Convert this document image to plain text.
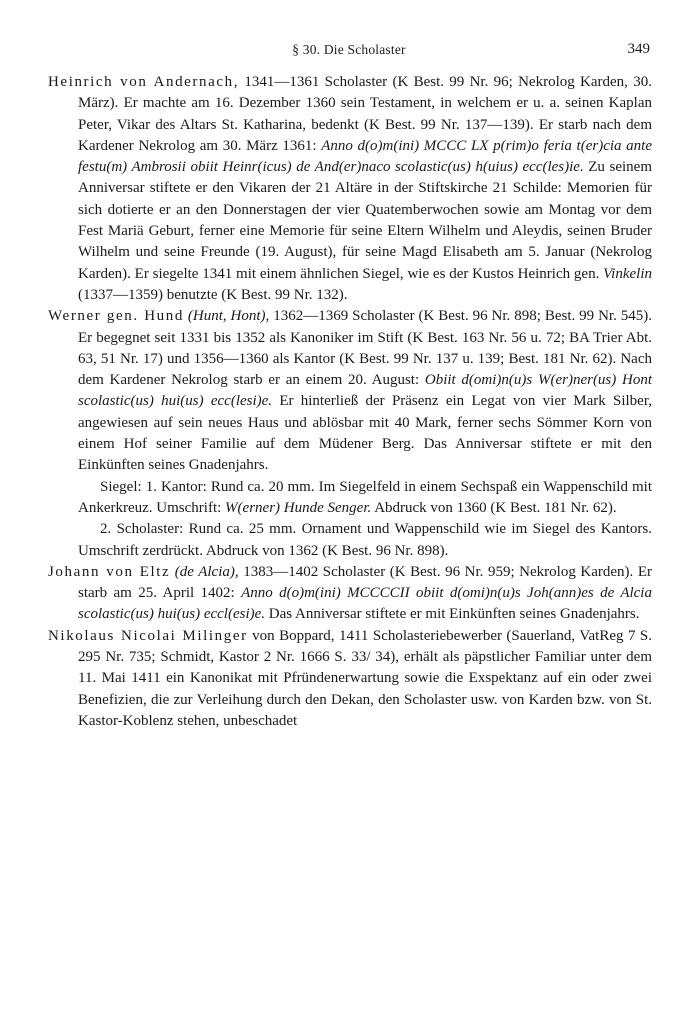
§ 30. Die Scholaster	349

Heinrich von Andernach, 1341—1361 Scholaster (K Best. 99 Nr. 96; Nekrolog Karden, 30. März). Er machte am 16. Dezember 1360 sein Testament, in welchem er u. a. seinen Kaplan Peter, Vikar des Altars St. Katharina, bedenkt (K Best. 99 Nr. 137—139). Er starb nach dem Kardener Nekrolog am 30. März 1361: Anno d(o)m(ini) MCCC LX p(rim)o feria t(er)cia ante festu(m) Ambrosii obiit Heinr(icus) de And(er)naco scolastic(us) h(uius) ecc(les)ie. Zu seinem Anniversar stiftete er den Vikaren der 21 Altäre in der Stiftskirche 21 Schilde: Memorien für sich dotierte er an den Donnerstagen der vier Quatemberwochen sowie am Montag vor dem Fest Mariä Geburt, ferner eine Memorie für seine Eltern Wilhelm und Aleydis, seinen Bruder Wilhelm und seine Freunde (19. August), für seine Magd Elisabeth am 5. Januar (Nekrolog Karden). Er siegelte 1341 mit einem ähnlichen Siegel, wie es der Kustos Heinrich gen. Vinkelin (1337—1359) benutzte (K Best. 99 Nr. 132).

Werner gen. Hund (Hunt, Hont), 1362—1369 Scholaster (K Best. 96 Nr. 898; Best. 99 Nr. 545). Er begegnet seit 1331 bis 1352 als Kanoniker im Stift (K Best. 163 Nr. 56 u. 72; BA Trier Abt. 63, 51 Nr. 17) und 1356—1360 als Kantor (K Best. 99 Nr. 137 u. 139; Best. 181 Nr. 62). Nach dem Kardener Nekrolog starb er an einem 20. August: Obiit d(omi)n(u)s W(er)ner(us) Hont scolastic(us) hui(us) ecc(lesi)e. Er hinterließ der Präsenz ein Legat von vier Mark Silber, angewiesen auf sein neues Haus und ablösbar mit 40 Mark, ferner sechs Sömmer Korn von einem Hof seiner Familie auf dem Müdener Berg. Das Anniversar stiftete er mit den Einkünften seines Gnadenjahrs.

Siegel: 1. Kantor: Rund ca. 20 mm. Im Siegelfeld in einem Sechspaß ein Wappenschild mit Ankerkreuz. Umschrift: W(erner) Hunde Senger. Abdruck von 1360 (K Best. 181 Nr. 62).

2. Scholaster: Rund ca. 25 mm. Ornament und Wappenschild wie im Siegel des Kantors. Umschrift zerdrückt. Abdruck von 1362 (K Best. 96 Nr. 898).

Johann von Eltz (de Alcia), 1383—1402 Scholaster (K Best. 96 Nr. 959; Nekrolog Karden). Er starb am 25. April 1402: Anno d(o)m(ini) MCCCCII obiit d(omi)n(u)s Joh(ann)es de Alcia scolastic(us) hui(us) eccl(esi)e. Das Anniversar stiftete er mit Einkünften seines Gnadenjahrs.

Nikolaus Nicolai Milinger von Boppard, 1411 Scholasteriebewerber (Sauerland, VatReg 7 S. 295 Nr. 735; Schmidt, Kastor 2 Nr. 1666 S. 33/ 34), erhält als päpstlicher Familiar unter dem 11. Mai 1411 ein Kanonikat mit Pfründenerwartung sowie die Exspektanz auf ein oder zwei Benefizien, die zur Verleihung durch den Dekan, den Scholaster usw. von Karden bzw. von St. Kastor-Koblenz stehen, unbeschadet
